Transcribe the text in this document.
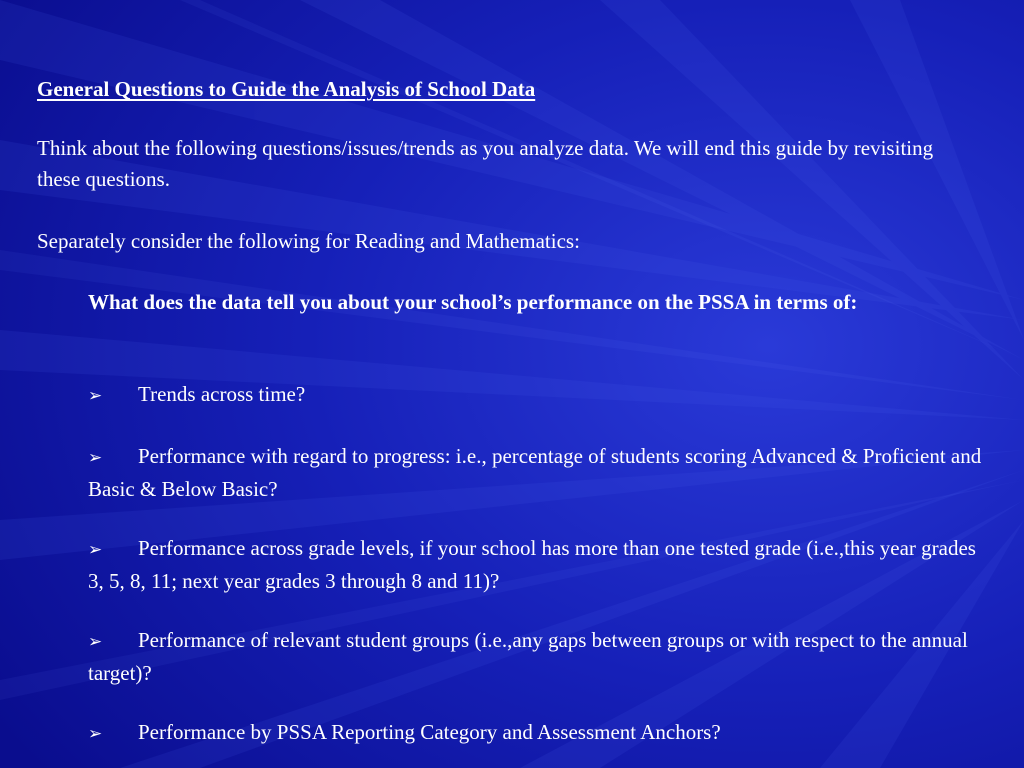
General Questions to Guide the Analysis of School Data

Think about the following questions/issues/trends as you analyze data. We will end this guide by revisiting these questions.

Separately consider the following for Reading and Mathematics:

What does the data tell you about your school’s performance on the PSSA in terms of:

➢ Trends across time?

➢ Performance with regard to progress: i.e., percentage of students scoring Advanced & Proficient and Basic & Below Basic?

➢ Performance across grade levels, if your school has more than one tested grade (i.e.,this year grades 3, 5, 8, 11; next year grades 3 through 8 and 11)?

➢ Performance of relevant student groups (i.e.,any gaps between groups or with respect to the annual target)?

➢ Performance by PSSA Reporting Category and Assessment Anchors?
